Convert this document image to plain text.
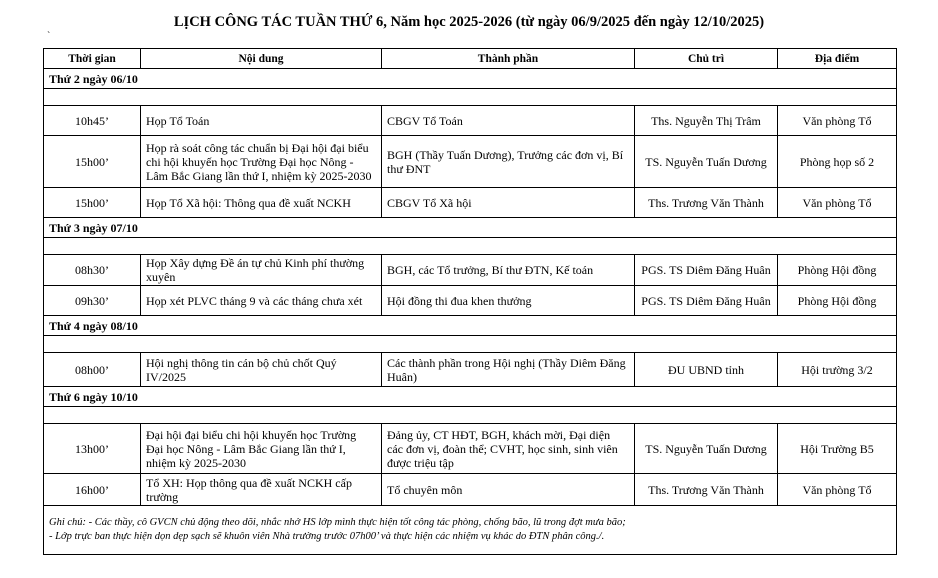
LỊCH CÔNG TÁC TUẦN THỨ 6, Năm học 2025-2026 (từ ngày 06/9/2025 đến ngày 12/10/2025)
`
Thời gian	Nội dung	Thành phần	Chủ trì	Địa điểm
Thứ 2 ngày 06/10				

10h45’	Họp Tổ Toán	CBGV Tổ Toán	Ths. Nguyễn Thị Trâm	Văn phòng Tổ
15h00’	Họp rà soát công tác chuẩn bị Đại hội đại biểu chi hội khuyến học Trường Đại học Nông - Lâm Bắc Giang lần thứ I, nhiệm kỳ 2025-2030	BGH (Thầy Tuấn Dương), Trưởng các đơn vị, Bí thư ĐNT	TS. Nguyễn Tuấn Dương	Phòng họp số 2
15h00’	Họp Tổ Xã hội: Thông qua đề xuất NCKH	CBGV Tổ Xã hội	Ths. Trương Văn Thành	Văn phòng Tổ
Thứ 3 ngày 07/10				

08h30’	Họp Xây dựng Đề án tự chủ Kinh phí thường xuyên	BGH, các Tổ trưởng, Bí thư ĐTN, Kế toán	PGS. TS Diêm Đăng Huân	Phòng Hội đồng
09h30’	Họp xét PLVC tháng 9 và các tháng chưa xét	Hội đồng thi đua khen thưởng	PGS. TS Diêm Đăng Huân	Phòng Hội đồng
Thứ 4 ngày 08/10				

08h00’	Hội nghị thông tin cán bộ chủ chốt Quý IV/2025	Các thành phần trong Hội nghị (Thầy Diêm Đăng Huân)	ĐU UBND tỉnh	Hội trường 3/2
Thứ 6 ngày 10/10				

13h00’	Đại hội đại biểu chi hội khuyến học Trường Đại học Nông - Lâm Bắc Giang lần thứ I, nhiệm kỳ 2025-2030	Đảng ủy, CT HĐT, BGH, khách mời, Đại diện các đơn vị, đoàn thể; CVHT, học sinh, sinh viên được triệu tập	TS. Nguyễn Tuấn Dương	Hội Trường B5
16h00’	Tổ XH: Họp thông qua đề xuất NCKH cấp trường	Tổ chuyên môn	Ths. Trương Văn Thành	Văn phòng Tổ

Ghi chú: - Các thầy, cô GVCN chủ động theo dõi, nhắc nhở HS lớp mình thực hiện tốt công tác phòng, chống bão, lũ trong đợt mưa bão;
- Lớp trực ban thực hiện dọn dẹp sạch sẽ khuôn viên Nhà trường trước 07h00’ và thực hiện các nhiệm vụ khác do ĐTN phân công./.				
